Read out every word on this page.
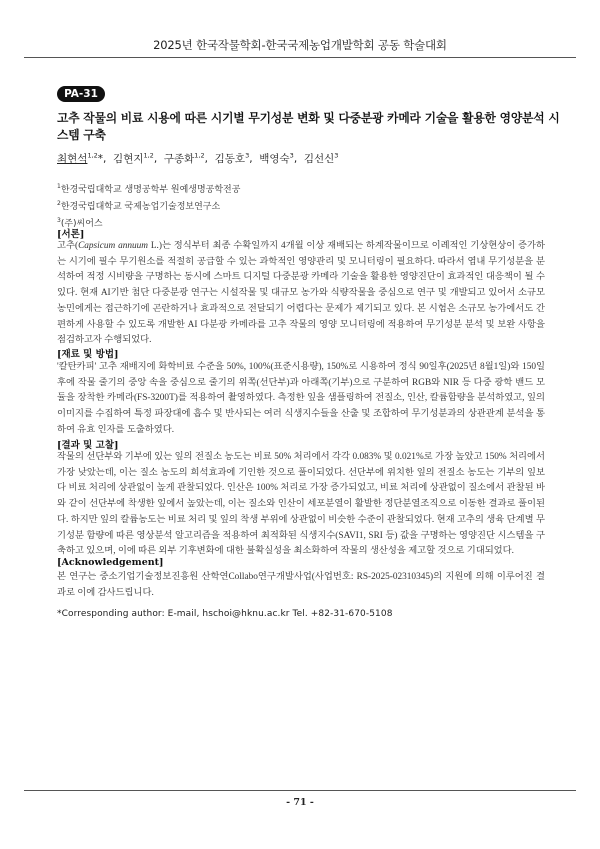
2025년 한국작물학회-한국국제농업개발학회 공동 학술대회
PA-31
고추 작물의 비료 시용에 따른 시기별 무기성분 변화 및 다중분광 카메라 기술을 활용한 영양분석 시스템 구축
최현석$^{1,2}$*,  김현지$^{1,2}$,  구종화$^{1,2}$,  김동호$^3$,  백영숙$^3$,  김선신$^3$
$^1$한경국립대학교 생명공학부 원예생명공학전공
$^2$한경국립대학교 국제농업기술정보연구소
$^3$(주)씨어스
[서론]
고추(Capsicum annuum L.)는 정식부터 최종 수확일까지 4개월 이상 재배되는 하계작물이므로 이례적인 기상현상이 증가하는 시기에 필수 무기원소를 적절히 공급할 수 있는 과학적인 영양관리 및 모니터링이 필요하다. 따라서 엽내 무기성분을 분석하여 적정 시비량을 구명하는 동시에 스마트 디지털 다중분광 카메라 기술을 활용한 영양진단이 효과적인 대응책이 될 수 있다. 현재 AI기반 첨단 다중분광 연구는 시설작물 및 대규모 농가와 식량작물을 중심으로 연구 및 개발되고 있어서 소규모 농민에게는 접근하기에 곤란하거나 효과적으로 전달되기 어렵다는 문제가 제기되고 있다. 본 시험은 소규모 농가에서도 간편하게 사용할 수 있도록 개발한 AI 다분광 카메라를 고추 작물의 영양 모니터링에 적용하여 무기성분 분석 및 보완 사항을 점검하고자 수행되었다.
[재료 및 방법]
'칼탄카피' 고추 재배지에 화학비료 수준을 50%, 100%(표준시용량), 150%로 시용하여 정식 90일후(2025년 8월1일)와 150일 후에 작물 줄기의 중앙 속을 중심으로 줄기의 위쪽(선단부)과 아래쪽(기부)으로 구분하여 RGB와 NIR 등 다중 광학 밴드 모듈을 장착한 카메라(FS-3200T)를 적용하여 촬영하였다. 측정한 잎을 샘플링하여 전질소, 인산, 칼륨함량을 분석하였고, 잎의 이미지를 수집하여 특정 파장대에 흡수 및 반사되는 여러 식생지수들을 산출 및 조합하여 무기성분과의 상관관계 분석을 통하여 유효 인자를 도출하였다.
[결과 및 고찰]
작물의 선단부와 기부에 있는 잎의 전질소 농도는 비료 50% 처리에서 각각 0.083% 및 0.021%로 가장 높았고 150% 처리에서 가장 낮았는데, 이는 질소 농도의 희석효과에 기인한 것으로 풀이되었다. 선단부에 위치한 잎의 전질소 농도는 기부의 잎보다 비료 처리에 상관없이 높게 관찰되었다. 인산은 100% 처리로 가장 증가되었고, 비료 처리에 상관없이 질소에서 관찰된 바와 같이 선단부에 착생한 잎에서 높았는데, 이는 질소와 인산이 세포분열이 활발한 정단분열조직으로 이동한 결과로 풀이된다. 하지만 잎의 칼륨농도는 비료 처리 및 잎의 착생 부위에 상관없이 비슷한 수준이 관찰되었다. 현재 고추의 생육 단계별 무기성분 함량에 따른 영상분석 알고리즘을 적용하여 최적화된 식생지수(SAVI1, SRI 등) 값을 구명하는 영양진단 시스템을 구축하고 있으며, 이에 따른 외부 기후변화에 대한 불확실성을 최소화하여 작물의 생산성을 제고할 것으로 기대되었다.
[Acknowledgement]
본 연구는 중소기업기술정보진흥원 산학연Collabo연구개발사업(사업번호: RS-2025-02310345)의 지원에 의해 이루어진 결과로 이에 감사드립니다.
*Corresponding author: E-mail, hschoi@hknu.ac.kr Tel. +82-31-670-5108
- 71 -
